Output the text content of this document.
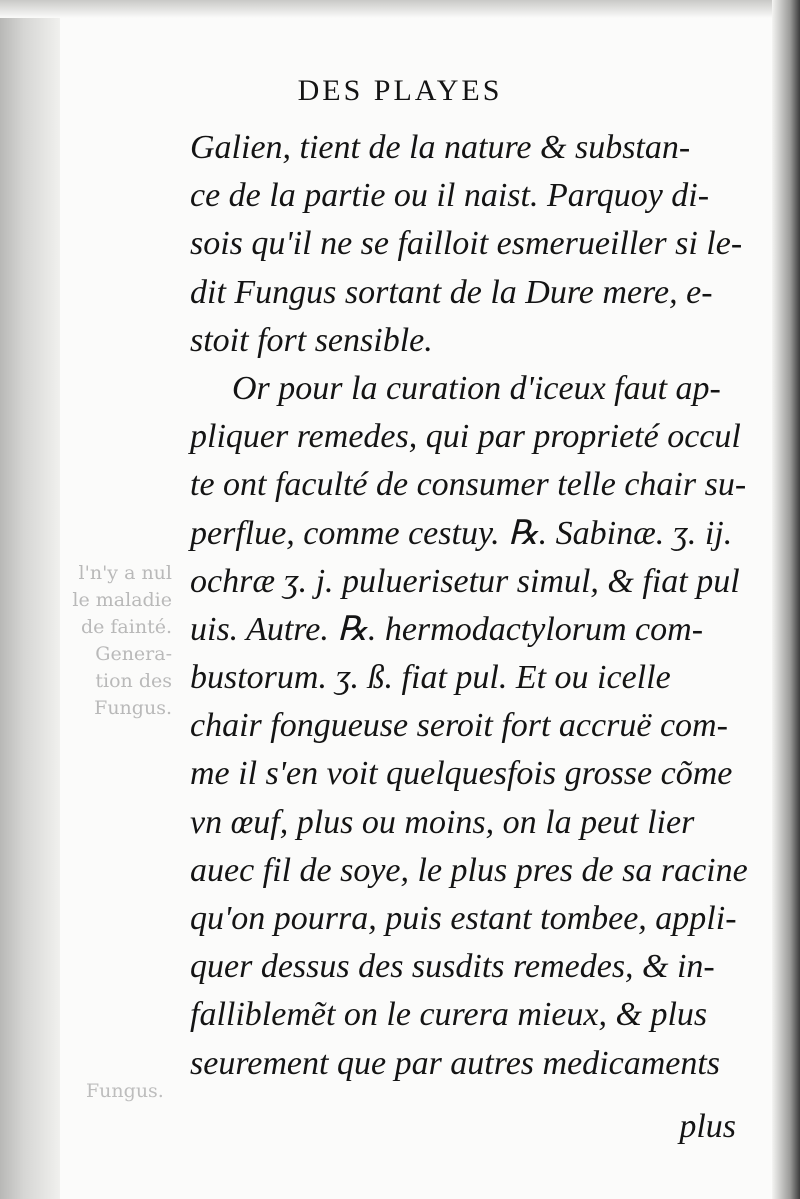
l'n'y a nul
le maladie
de fainté.
Genera-
tion des
Fungus.
Fungus.
DES PLAYES
Galien, tient de la nature & substan-
ce de la partie ou il naist. Parquoy di-
sois qu'il ne se failloit esmerueiller si le-
dit Fungus sortant de la Dure mere, e-
stoit fort sensible.
Or pour la curation d'iceux faut ap-
pliquer remedes, qui par proprieté occul
te ont faculté de consumer telle chair su-
perflue, comme cestuy. ℞. Sabinæ. ʒ. ij.
ochræ ʒ. j. puluerisetur simul, & fiat pul
uis. Autre. ℞. hermodactylorum com-
bustorum. ʒ. ß. fiat pul. Et ou icelle
chair fongueuse seroit fort accruë com-
me il s'en voit quelquesfois grosse cõme
vn œuf, plus ou moins, on la peut lier
auec fil de soye, le plus pres de sa racine
qu'on pourra, puis estant tombee, appli-
quer dessus des susdits remedes, & in-
falliblemẽt on le curera mieux, & plus
seurement que par autres medicaments
plus
